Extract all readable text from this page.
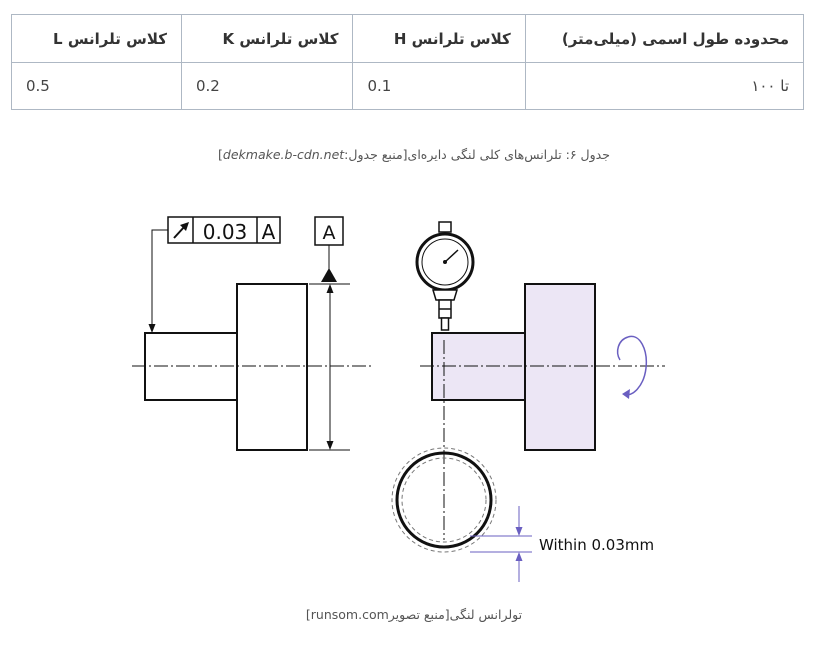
محدوده طول اسمی (میلی‌متر)	کلاس تلرانس H	کلاس تلرانس K	کلاس تلرانس L
تا ۱۰۰	0.1	0.2	0.5
جدول ۶: تلرانس‌های کلی لنگی دایره‌ای[منبع جدول:dekmake.b-cdn.net]
A
0.03 A
Within 0.03mm
تولرانس لنگی[منبع تصویرrunsom.com]
